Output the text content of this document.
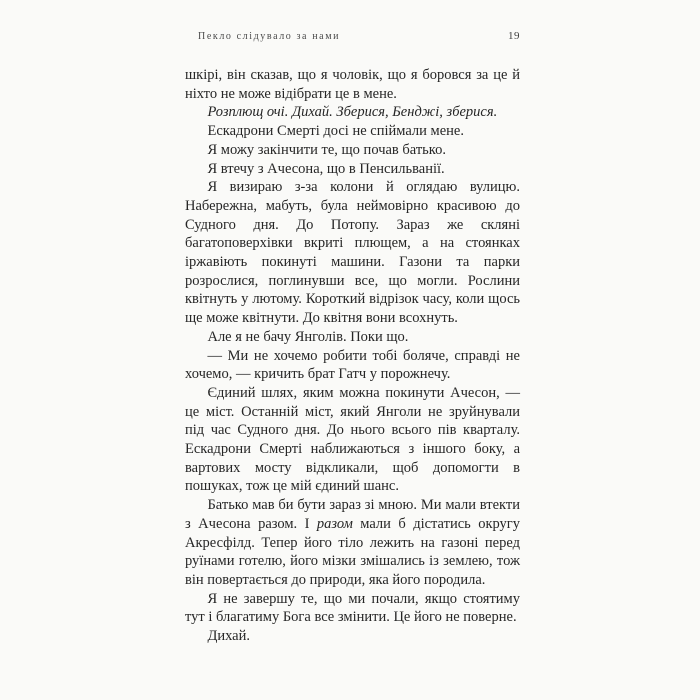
Пекло слідувало за нами	19

шкірі, він сказав, що я чоловік, що я боровся за це й ніхто не може відібрати це в мене.

Розплющ очі. Дихай. Зберися, Бенджі, зберися.

Ескадрони Смерті досі не спіймали мене.

Я можу закінчити те, що почав батько.

Я втечу з Ачесона, що в Пенсильванії.

Я визираю з-за колони й оглядаю вулицю. Набережна, мабуть, була неймовірно красивою до Судного дня. До Потопу. Зараз же скляні багатоповерхівки вкриті плющем, а на стоянках іржавіють покинуті машини. Газони та парки розрослися, поглинувши все, що могли. Рослини квітнуть у лютому. Короткий відрізок часу, коли щось ще може квітнути. До квітня вони всохнуть.

Але я не бачу Янголів. Поки що.

— Ми не хочемо робити тобі боляче, справді не хочемо, — кричить брат Гатч у порожнечу.

Єдиний шлях, яким можна покинути Ачесон, — це міст. Останній міст, який Янголи не зруйнували під час Судного дня. До нього всього пів кварталу. Ескадрони Смерті наближаються з іншого боку, а вартових мосту відкликали, щоб допомогти в пошуках, тож це мій єдиний шанс.

Батько мав би бути зараз зі мною. Ми мали втекти з Ачесона разом. І разом мали б дістатись округу Акресфілд. Тепер його тіло лежить на газоні перед руїнами готелю, його мізки змішались із землею, тож він повертається до природи, яка його породила.

Я не завершу те, що ми почали, якщо стоятиму тут і благатиму Бога все змінити. Це його не поверне.

Дихай.
